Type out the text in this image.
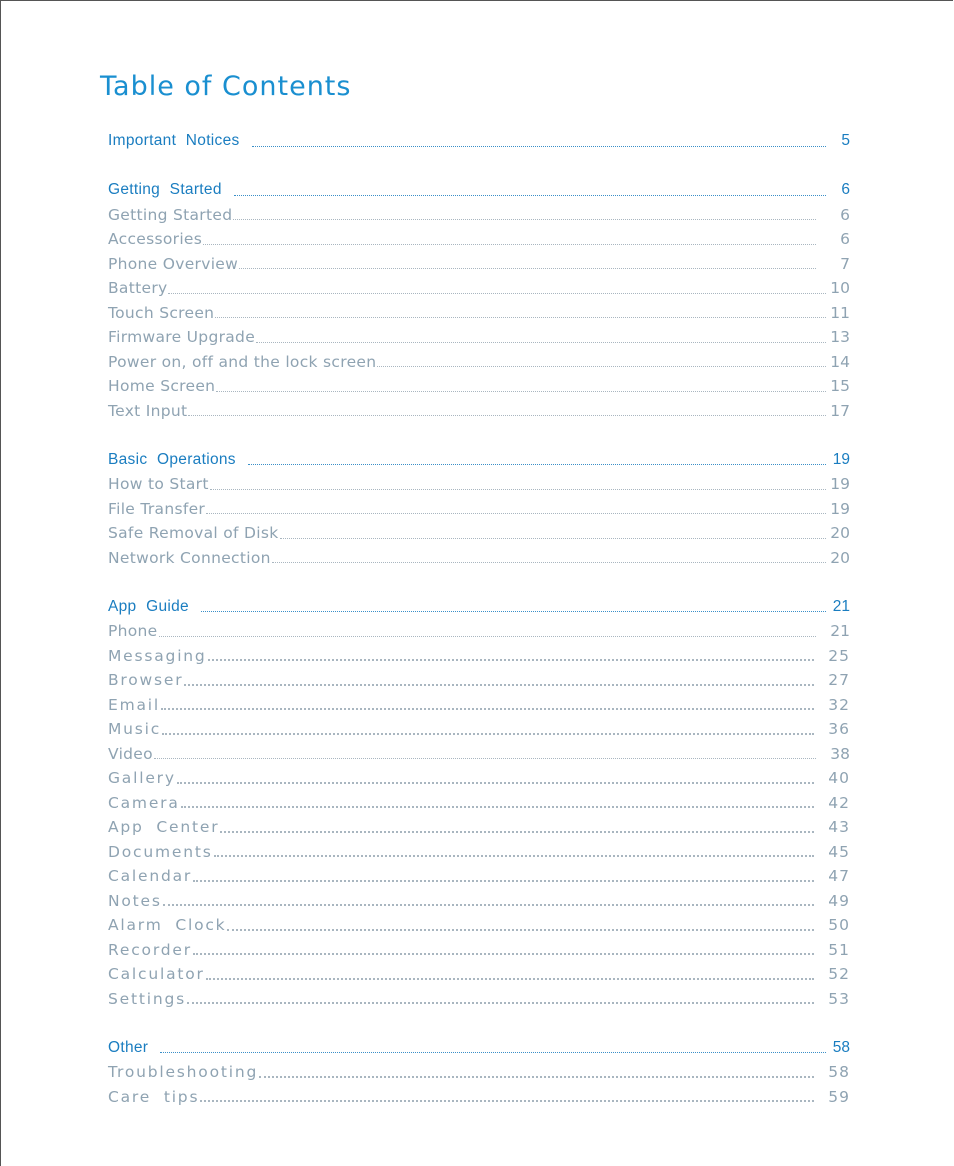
Table of Contents
Important Notices	5
Getting Started	6
Getting Started	6
Accessories	6
Phone Overview	7
Battery	10
Touch Screen	11
Firmware Upgrade	13
Power on, off and the lock screen	14
Home Screen	15
Text Input	17
Basic Operations	19
How to Start	19
File Transfer	19
Safe Removal of Disk	20
Network Connection	20
App Guide	21
Phone	21
Messaging	25
Browser	27
Email	32
Music	36
Video	38
Gallery	40
Camera	42
App Center	43
Documents	45
Calendar	47
Notes	49
Alarm Clock	50
Recorder	51
Calculator	52
Settings	53
Other	58
Troubleshooting	58
Care tips	59
